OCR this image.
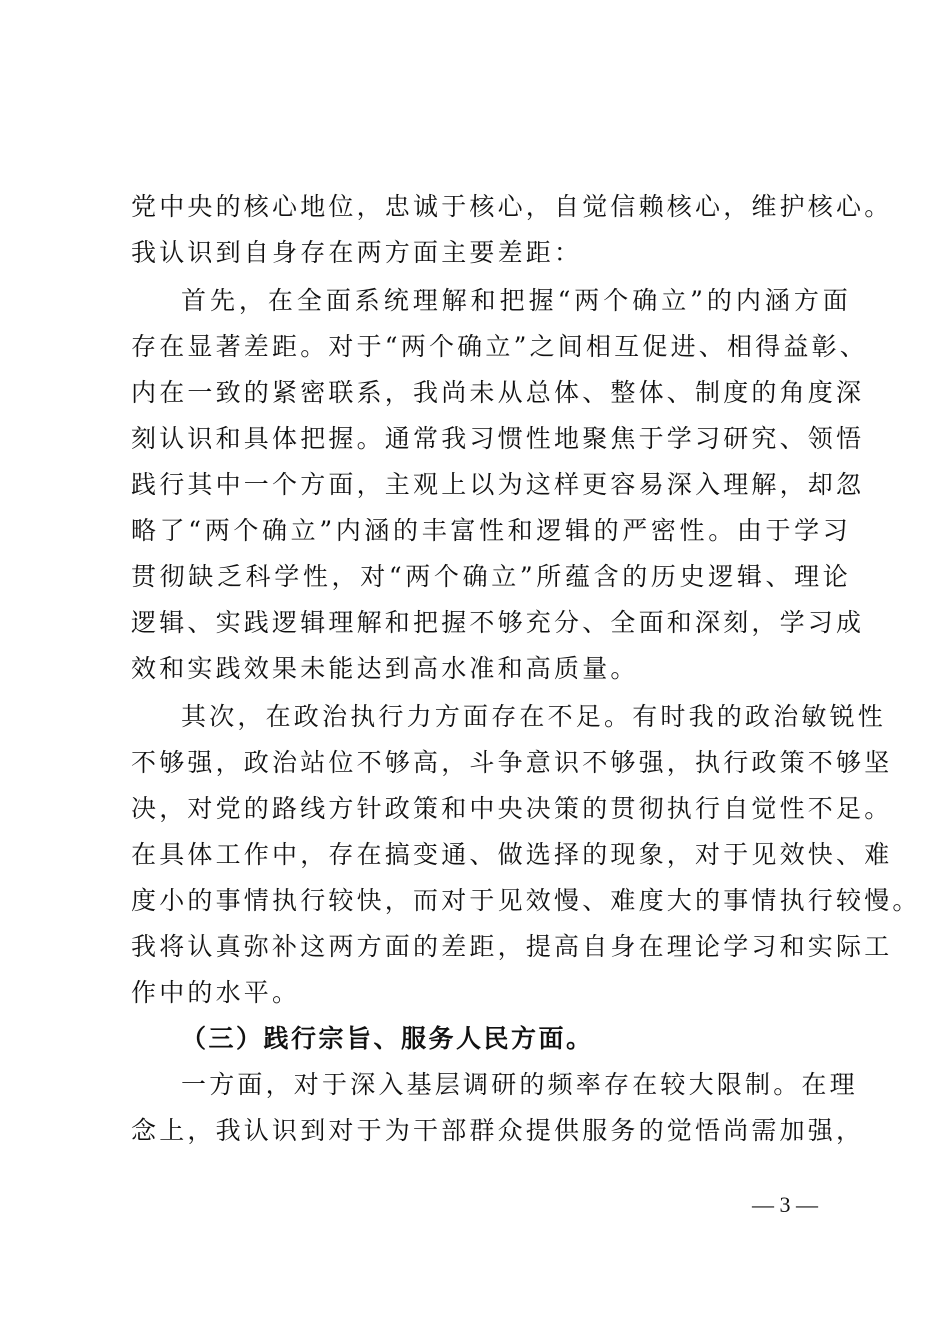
党中央的核心地位，忠诚于核心，自觉信赖核心，维护核心。
我认识到自身存在两方面主要差距：
首先，在全面系统理解和把握“两个确立”的内涵方面
存在显著差距。对于“两个确立”之间相互促进、相得益彰、
内在一致的紧密联系，我尚未从总体、整体、制度的角度深
刻认识和具体把握。通常我习惯性地聚焦于学习研究、领悟
践行其中一个方面，主观上以为这样更容易深入理解，却忽
略了“两个确立”内涵的丰富性和逻辑的严密性。由于学习
贯彻缺乏科学性，对“两个确立”所蕴含的历史逻辑、理论
逻辑、实践逻辑理解和把握不够充分、全面和深刻，学习成
效和实践效果未能达到高水准和高质量。
其次，在政治执行力方面存在不足。有时我的政治敏锐性
不够强，政治站位不够高，斗争意识不够强，执行政策不够坚
决，对党的路线方针政策和中央决策的贯彻执行自觉性不足。
在具体工作中，存在搞变通、做选择的现象，对于见效快、难
度小的事情执行较快，而对于见效慢、难度大的事情执行较慢。
我将认真弥补这两方面的差距，提高自身在理论学习和实际工
作中的水平。
（三）践行宗旨、服务人民方面。
一方面，对于深入基层调研的频率存在较大限制。在理
念上，我认识到对于为干部群众提供服务的觉悟尚需加强，
— 3 —
